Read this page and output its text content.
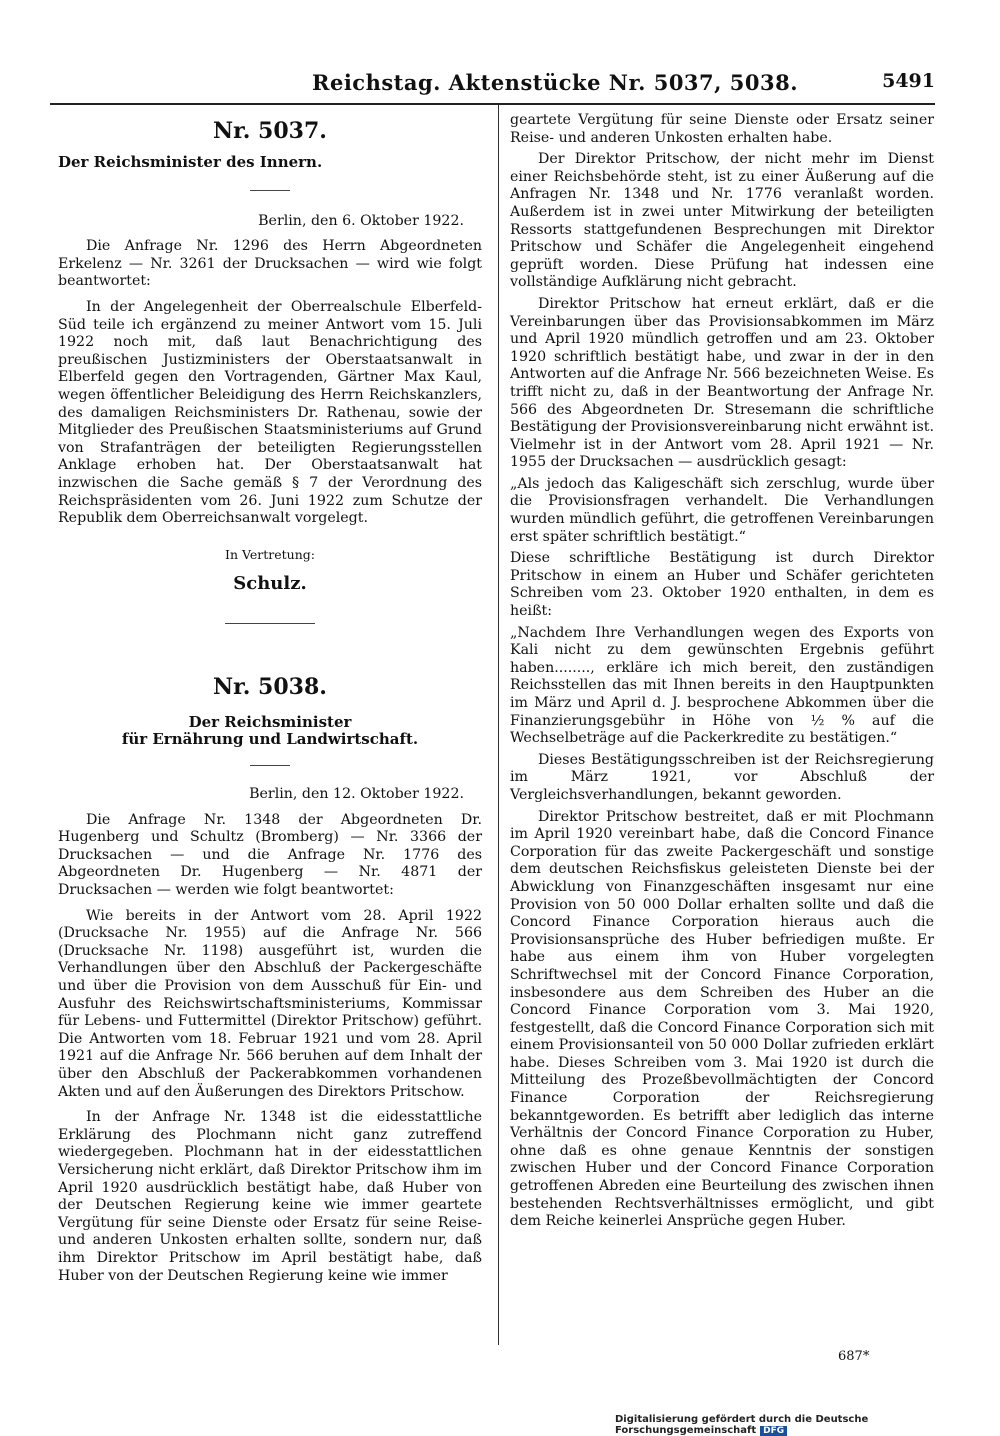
Reichstag. Aktenstücke Nr. 5037, 5038.	5491

Nr. 5037.

Der Reichsminister des Innern.

Berlin, den 6. Oktober 1922.

Die Anfrage Nr. 1296 des Herrn Abgeordneten Erkelenz — Nr. 3261 der Drucksachen — wird wie folgt beantwortet:

In der Angelegenheit der Oberrealschule Elberfeld-Süd teile ich ergänzend zu meiner Antwort vom 15. Juli 1922 noch mit, daß laut Benachrichtigung des preußischen Justizministers der Oberstaatsanwalt in Elberfeld gegen den Vortragenden, Gärtner Max Kaul, wegen öffentlicher Beleidigung des Herrn Reichskanzlers, des damaligen Reichsministers Dr. Rathenau, sowie der Mitglieder des Preußischen Staatsministeriums auf Grund von Strafanträgen der beteiligten Regierungsstellen Anklage erhoben hat. Der Oberstaatsanwalt hat inzwischen die Sache gemäß § 7 der Verordnung des Reichspräsidenten vom 26. Juni 1922 zum Schutze der Republik dem Oberreichsanwalt vorgelegt.

In Vertretung:

Schulz.

Nr. 5038.

Der Reichsminister

für Ernährung und Landwirtschaft.

Berlin, den 12. Oktober 1922.

Die Anfrage Nr. 1348 der Abgeordneten Dr. Hugenberg und Schultz (Bromberg) — Nr. 3366 der Drucksachen — und die Anfrage Nr. 1776 des Abgeordneten Dr. Hugenberg — Nr. 4871 der Drucksachen — werden wie folgt beantwortet:

Wie bereits in der Antwort vom 28. April 1922 (Drucksache Nr. 1955) auf die Anfrage Nr. 566 (Drucksache Nr. 1198) ausgeführt ist, wurden die Verhandlungen über den Abschluß der Packergeschäfte und über die Provision von dem Ausschuß für Ein- und Ausfuhr des Reichswirtschaftsministeriums, Kommissar für Lebens- und Futtermittel (Direktor Pritschow) geführt. Die Antworten vom 18. Februar 1921 und vom 28. April 1921 auf die Anfrage Nr. 566 beruhen auf dem Inhalt der über den Abschluß der Packerabkommen vorhandenen Akten und auf den Äußerungen des Direktors Pritschow.

In der Anfrage Nr. 1348 ist die eidesstattliche Erklärung des Plochmann nicht ganz zutreffend wiedergegeben. Plochmann hat in der eidesstattlichen Versicherung nicht erklärt, daß Direktor Pritschow ihm im April 1920 ausdrücklich bestätigt habe, daß Huber von der Deutschen Regierung keine wie immer geartete Vergütung für seine Dienste oder Ersatz für seine Reise- und anderen Unkosten erhalten sollte, sondern nur, daß ihm Direktor Pritschow im April bestätigt habe, daß Huber von der Deutschen Regierung keine wie immer

geartete Vergütung für seine Dienste oder Ersatz seiner Reise- und anderen Unkosten erhalten habe.

Der Direktor Pritschow, der nicht mehr im Dienst einer Reichsbehörde steht, ist zu einer Äußerung auf die Anfragen Nr. 1348 und Nr. 1776 veranlaßt worden. Außerdem ist in zwei unter Mitwirkung der beteiligten Ressorts stattgefundenen Besprechungen mit Direktor Pritschow und Schäfer die Angelegenheit eingehend geprüft worden. Diese Prüfung hat indessen eine vollständige Aufklärung nicht gebracht.

Direktor Pritschow hat erneut erklärt, daß er die Vereinbarungen über das Provisionsabkommen im März und April 1920 mündlich getroffen und am 23. Oktober 1920 schriftlich bestätigt habe, und zwar in der in den Antworten auf die Anfrage Nr. 566 bezeichneten Weise. Es trifft nicht zu, daß in der Beantwortung der Anfrage Nr. 566 des Abgeordneten Dr. Stresemann die schriftliche Bestätigung der Provisionsvereinbarung nicht erwähnt ist. Vielmehr ist in der Antwort vom 28. April 1921 — Nr. 1955 der Drucksachen — ausdrücklich gesagt:

„Als jedoch das Kaligeschäft sich zerschlug, wurde über die Provisionsfragen verhandelt. Die Verhandlungen wurden mündlich geführt, die getroffenen Vereinbarungen erst später schriftlich bestätigt.“

Diese schriftliche Bestätigung ist durch Direktor Pritschow in einem an Huber und Schäfer gerichteten Schreiben vom 23. Oktober 1920 enthalten, in dem es heißt:

„Nachdem Ihre Verhandlungen wegen des Exports von Kali nicht zu dem gewünschten Ergebnis geführt haben........, erkläre ich mich bereit, den zuständigen Reichsstellen das mit Ihnen bereits in den Hauptpunkten im März und April d. J. besprochene Abkommen über die Finanzierungsgebühr in Höhe von ½ % auf die Wechselbeträge auf die Packerkredite zu bestätigen.“

Dieses Bestätigungsschreiben ist der Reichsregierung im März 1921, vor Abschluß der Vergleichsverhandlungen, bekannt geworden.

Direktor Pritschow bestreitet, daß er mit Plochmann im April 1920 vereinbart habe, daß die Concord Finance Corporation für das zweite Packergeschäft und sonstige dem deutschen Reichsfiskus geleisteten Dienste bei der Abwicklung von Finanzgeschäften insgesamt nur eine Provision von 50 000 Dollar erhalten sollte und daß die Concord Finance Corporation hieraus auch die Provisionsansprüche des Huber befriedigen mußte. Er habe aus einem ihm von Huber vorgelegten Schriftwechsel mit der Concord Finance Corporation, insbesondere aus dem Schreiben des Huber an die Concord Finance Corporation vom 3. Mai 1920, festgestellt, daß die Concord Finance Corporation sich mit einem Provisionsanteil von 50 000 Dollar zufrieden erklärt habe. Dieses Schreiben vom 3. Mai 1920 ist durch die Mitteilung des Prozeßbevollmächtigten der Concord Finance Corporation der Reichsregierung bekanntgeworden. Es betrifft aber lediglich das interne Verhältnis der Concord Finance Corporation zu Huber, ohne daß es ohne genaue Kenntnis der sonstigen zwischen Huber und der Concord Finance Corporation getroffenen Abreden eine Beurteilung des zwischen ihnen bestehenden Rechtsverhältnisses ermöglicht, und gibt dem Reiche keinerlei Ansprüche gegen Huber.

687*
Digitalisierung gefördert durch die Deutsche Forschungsgemeinschaft DFG
